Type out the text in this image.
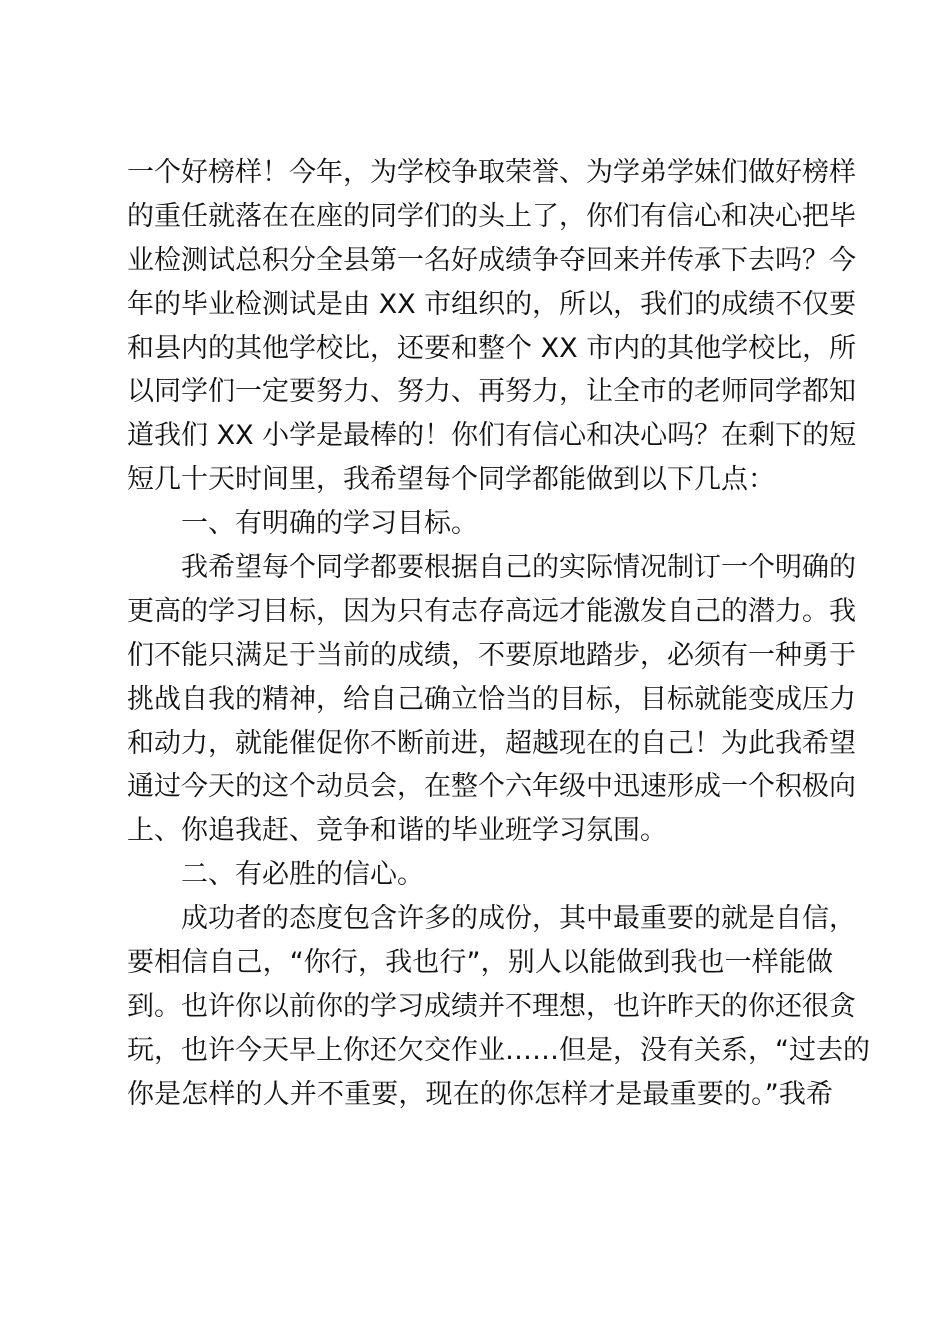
一个好榜样！今年，为学校争取荣誉、为学弟学妹们做好榜样
的重任就落在在座的同学们的头上了，你们有信心和决心把毕
业检测试总积分全县第一名好成绩争夺回来并传承下去吗？今
年的毕业检测试是由 XX 市组织的，所以，我们的成绩不仅要
和县内的其他学校比，还要和整个 XX 市内的其他学校比，所
以同学们一定要努力、努力、再努力，让全市的老师同学都知
道我们 XX 小学是最棒的！你们有信心和决心吗？在剩下的短
短几十天时间里，我希望每个同学都能做到以下几点：
一、有明确的学习目标。
我希望每个同学都要根据自己的实际情况制订一个明确的
更高的学习目标，因为只有志存高远才能激发自己的潜力。我
们不能只满足于当前的成绩，不要原地踏步，必须有一种勇于
挑战自我的精神，给自己确立恰当的目标，目标就能变成压力
和动力，就能催促你不断前进，超越现在的自己！为此我希望
通过今天的这个动员会，在整个六年级中迅速形成一个积极向
上、你追我赶、竞争和谐的毕业班学习氛围。
二、有必胜的信心。
成功者的态度包含许多的成份，其中最重要的就是自信，
要相信自己，“你行，我也行”，别人以能做到我也一样能做
到。也许你以前你的学习成绩并不理想，也许昨天的你还很贪
玩，也许今天早上你还欠交作业……但是，没有关系，“过去的
你是怎样的人并不重要，现在的你怎样才是最重要的。”我希
